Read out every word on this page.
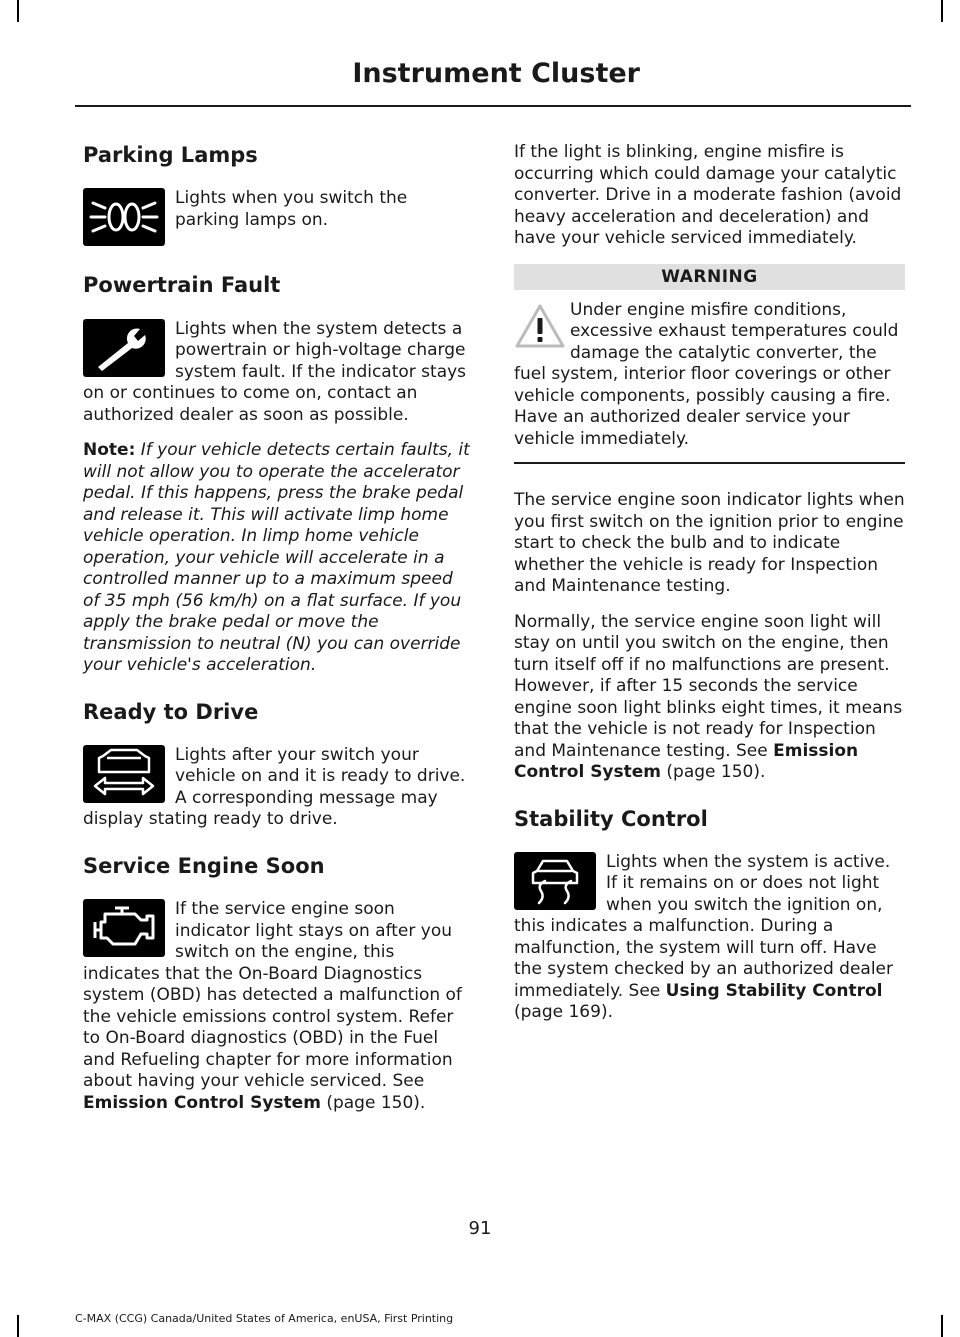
Instrument Cluster
Parking Lamps

Lights when you switch the parking lamps on.

Powertrain Fault

Lights when the system detects a powertrain or high-voltage charge system fault. If the indicator stays on or continues to come on, contact an authorized dealer as soon as possible.

Note: If your vehicle detects certain faults, it will not allow you to operate the accelerator pedal. If this happens, press the brake pedal and release it. This will activate limp home vehicle operation. In limp home vehicle operation, your vehicle will accelerate in a controlled manner up to a maximum speed of 35 mph (56 km/h) on a flat surface. If you apply the brake pedal or move the transmission to neutral (N) you can override your vehicle's acceleration.

Ready to Drive

Lights after your switch your vehicle on and it is ready to drive. A corresponding message may display stating ready to drive.

Service Engine Soon

If the service engine soon indicator light stays on after you switch on the engine, this indicates that the On-Board Diagnostics system (OBD) has detected a malfunction of the vehicle emissions control system. Refer to On-Board diagnostics (OBD) in the Fuel and Refueling chapter for more information about having your vehicle serviced. See Emission Control System (page 150).

If the light is blinking, engine misfire is occurring which could damage your catalytic converter. Drive in a moderate fashion (avoid heavy acceleration and deceleration) and have your vehicle serviced immediately.

WARNING

Under engine misfire conditions, excessive exhaust temperatures could damage the catalytic converter, the fuel system, interior floor coverings or other vehicle components, possibly causing a fire. Have an authorized dealer service your vehicle immediately.

The service engine soon indicator lights when you first switch on the ignition prior to engine start to check the bulb and to indicate whether the vehicle is ready for Inspection and Maintenance testing.

Normally, the service engine soon light will stay on until you switch on the engine, then turn itself off if no malfunctions are present. However, if after 15 seconds the service engine soon light blinks eight times, it means that the vehicle is not ready for Inspection and Maintenance testing. See Emission Control System (page 150).

Stability Control

Lights when the system is active. If it remains on or does not light when you switch the ignition on, this indicates a malfunction. During a malfunction, the system will turn off. Have the system checked by an authorized dealer immediately. See Using Stability Control (page 169).

91
C-MAX (CCG) Canada/United States of America, enUSA, First Printing
